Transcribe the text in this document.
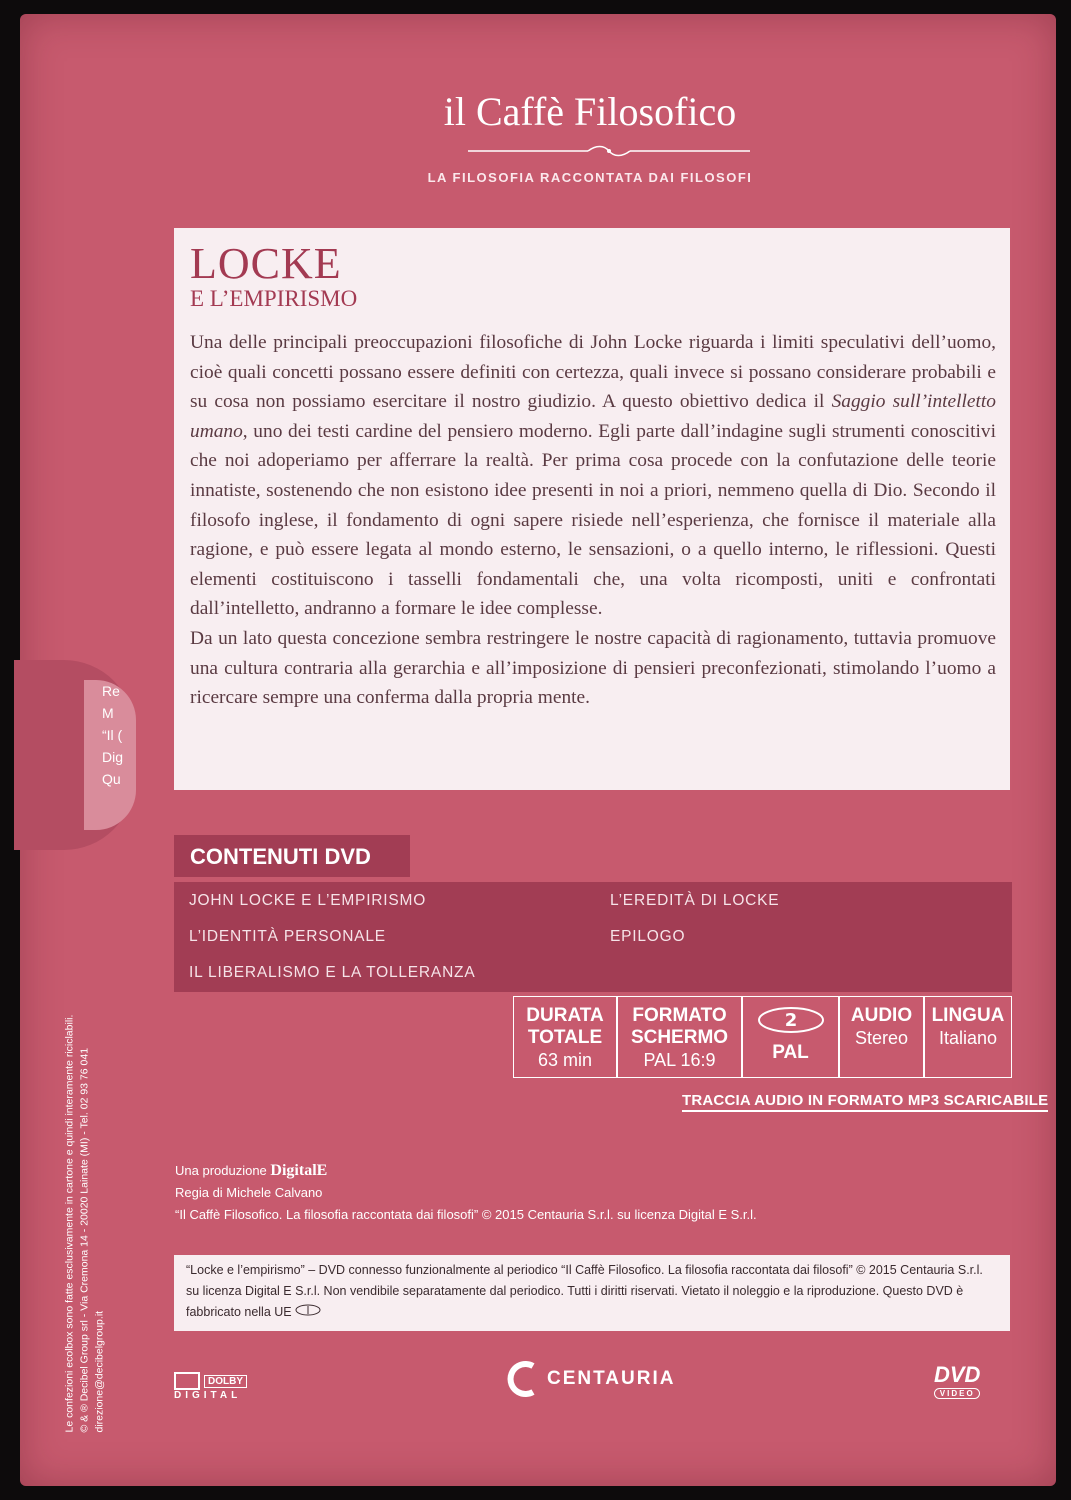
Re
M
“Il (
Dig
Qu
il Caffè Filosofico
LA FILOSOFIA RACCONTATA DAI FILOSOFI
LOCKE
E L’EMPIRISMO

Una delle principali preoccupazioni filosofiche di John Locke riguarda i limiti speculativi dell’uomo, cioè quali concetti possano essere definiti con certezza, quali invece si possano considerare probabili e su cosa non possiamo esercitare il nostro giudizio. A questo obiettivo dedica il Saggio sull’intelletto umano, uno dei testi cardine del pensiero moderno. Egli parte dall’indagine sugli strumenti conoscitivi che noi adoperiamo per afferrare la realtà. Per prima cosa procede con la confutazione delle teorie innatiste, sostenendo che non esistono idee presenti in noi a priori, nemmeno quella di Dio. Secondo il filosofo inglese, il fondamento di ogni sapere risiede nell’esperienza, che fornisce il materiale alla ragione, e può essere legata al mondo esterno, le sensazioni, o a quello interno, le riflessioni. Questi elementi costituiscono i tasselli fondamentali che, una volta ricomposti, uniti e confrontati dall’intelletto, andranno a formare le idee complesse.

Da un lato questa concezione sembra restringere le nostre capacità di ragionamento, tuttavia promuove una cultura contraria alla gerarchia e all’imposizione di pensieri preconfezionati, stimolando l’uomo a ricercare sempre una conferma dalla propria mente.

CONTENUTI DVD
JOHN LOCKE E L’EMPIRISMO
L’IDENTITÀ PERSONALE
IL LIBERALISMO E LA TOLLERANZA
L’EREDITÀ DI LOCKE
EPILOGO
DURATA
TOTALE
63 min
FORMATO
SCHERMO
PAL 16:9
2
PAL
AUDIO
Stereo
LINGUA
Italiano
TRACCIA AUDIO IN FORMATO MP3 SCARICABILE
Una produzione DigitalE
Regia di Michele Calvano
“Il Caffè Filosofico. La filosofia raccontata dai filosofi” © 2015 Centauria S.r.l. su licenza Digital E S.r.l.
“Locke e l’empirismo” – DVD connesso funzionalmente al periodico “Il Caffè Filosofico. La filosofia raccontata dai filosofi” © 2015 Centauria S.r.l. su licenza Digital E S.r.l. Non vendibile separatamente dal periodico. Tutti i diritti riservati. Vietato il noleggio e la riproduzione. Questo DVD è fabbricato nella UE
Le confezioni ecolbox sono fatte esclusivamente in cartone e quindi interamente riciclabili. © & ® Decibel Group srl - Via Cremona 14 - 20020 Lainate (MI) - Tel. 02 93 76 041 direzione@decibelgroup.it	DOLBY
DIGITAL
CENTAURIA	DVD
VIDEO
